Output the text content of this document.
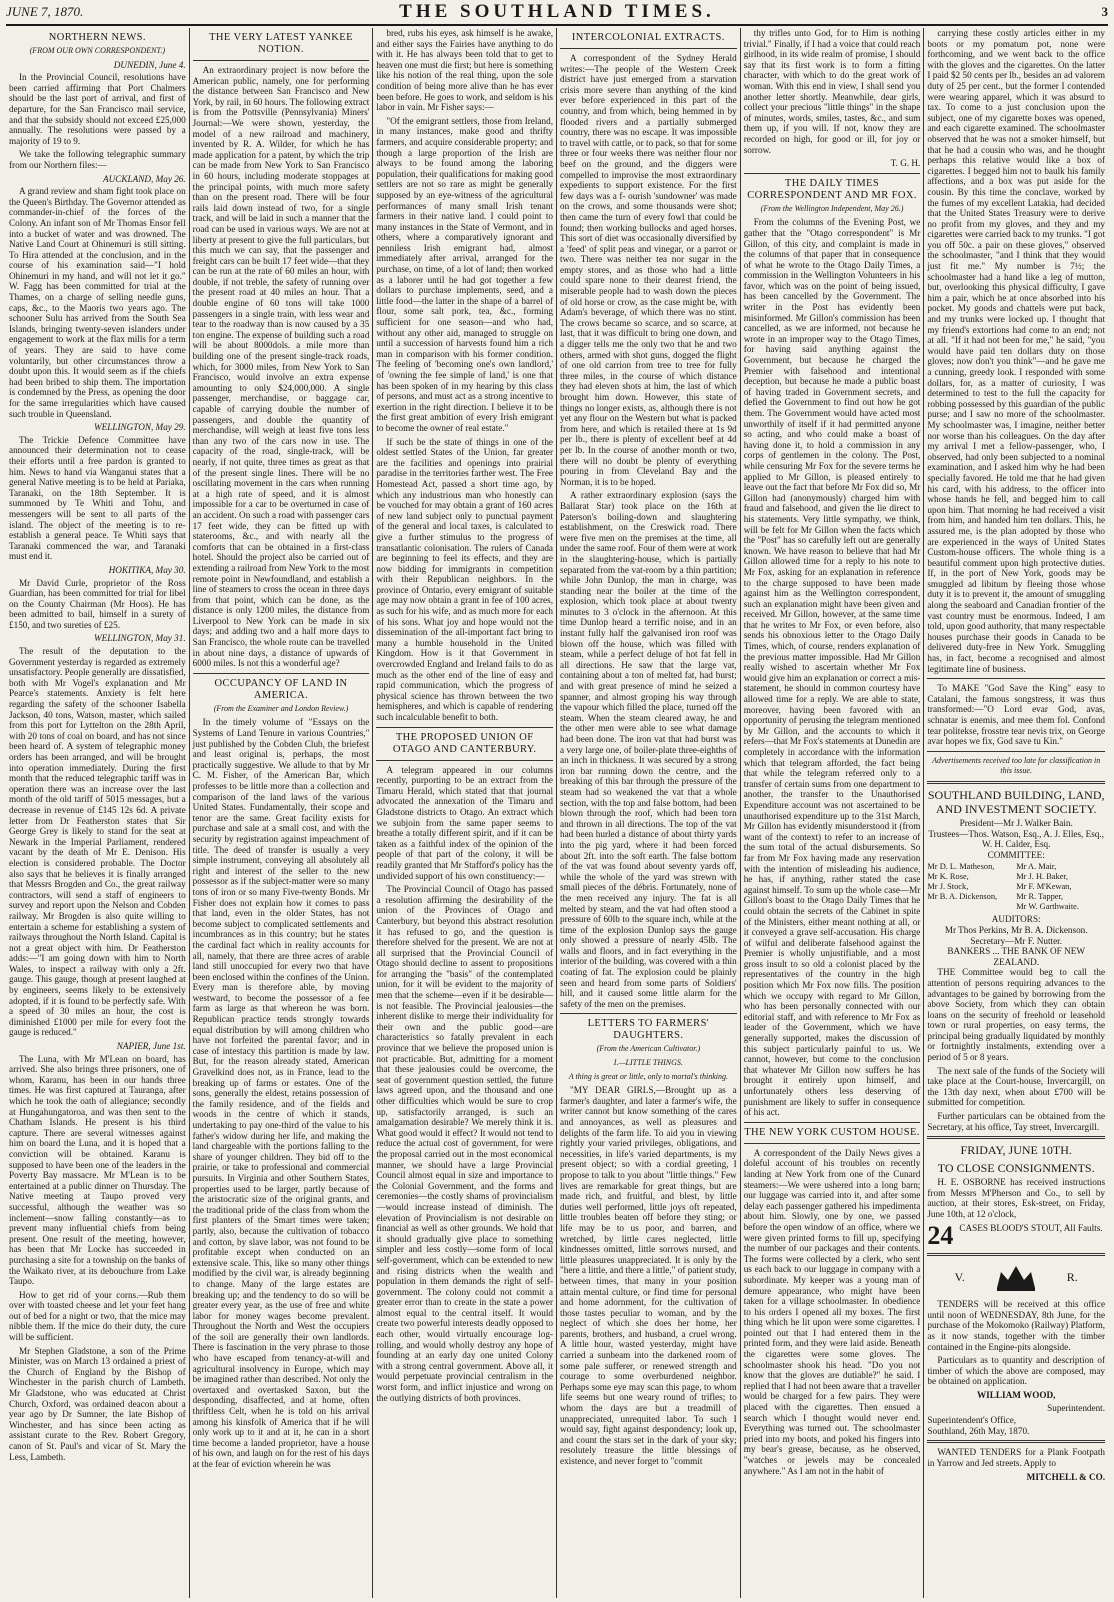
JUNE 7, 1870.	THE SOUTHLAND TIMES.	3
NORTHERN NEWS.
(FROM OUR OWN CORRESPONDENT.)
DUNEDIN, June 4.

In the Provincial Council, resolutions have been carried affirming that Port Chalmers should be the last port of arrival, and first of departure, for the San Francisco mail service, and that the subsidy should not exceed £25,000 annually. The resolutions were passed by a majority of 19 to 9.

We take the following telegraphic summary from our Northern files:—

AUCKLAND, May 26.

A grand review and sham fight took place on the Queen's Birthday. The Governor attended as commander-in-chief of the forces of the Colony. An infant son of Mr Thomas Ensor fell into a bucket of water and was drowned. The Native Land Court at Ohinemuri is still sitting. To Hira attended at the conclusion, and in the course of his examination said—"I hold Ohinemuri in my hand, and will not let it go." W. Fagg has been committed for trial at the Thames, on a charge of selling needle guns, caps, &c., to the Maoris two years ago. The schooner Sulu has arrived from the South Sea Islands, bringing twenty-seven islanders under engagement to work at the flax mills for a term of years. They are said to have come voluntarily, but other circumstances throw a doubt upon this. It would seem as if the chiefs had been bribed to ship them. The importation is condemned by the Press, as opening the door for the same irregularities which have caused such trouble in Queensland.

WELLINGTON, May 29.

The Trickie Defence Committee have announced their determination not to cease their efforts until a free pardon is granted to him. News to hand via Wanganui states that a general Native meeting is to be held at Pariaka, Taranaki, on the 18th September. It is summoned by Te Whiti and Tohu, and messengers will be sent to all parts of the island. The object of the meeting is to re-establish a general peace. Te Whiti says that Taranaki commenced the war, and Taranaki must end it.

HOKITIKA, May 30.

Mr David Curle, proprietor of the Ross Guardian, has been committed for trial for libel on the County Chairman (Mr Hoos). He has been admitted to bail, himself in a surety of £150, and two sureties of £25.

WELLINGTON, May 31.

The result of the deputation to the Government yesterday is regarded as extremely unsatisfactory. People generally are dissatisfied, both with Mr Vogel's explanation and Mr Pearce's statements. Anxiety is felt here regarding the safety of the schooner Isabella Jackson, 40 tons, Watson, master, which sailed from this port for Lyttelton on the 28th April, with 20 tons of coal on board, and has not since been heard of. A system of telegraphic money orders has been arranged, and will be brought into operation immediately. During the first month that the reduced telegraphic tariff was in operation there was an increase over the last month of the old tariff of 5015 messages, but a decrease in revenue of £145 12s 6d. A private letter from Dr Featherston states that Sir George Grey is likely to stand for the seat at Newark in the Imperial Parliament, rendered vacant by the death of Mr E. Denison. His election is considered probable. The Doctor also says that he believes it is finally arranged that Messrs Brogden and Co., the great railway contractors, will send a staff of engineers to survey and report upon the Nelson and Cobden railway. Mr Brogden is also quite willing to entertain a scheme for establishing a system of railways throughout the North Island. Capital is not a great object with him. Dr Featherston adds:—"I am going down with him to North Wales, to inspect a railway with only a 2ft. gauge. This gauge, though at present laughed at by engineers, seems likely to be extensively adopted, if it is found to be perfectly safe. With a speed of 30 miles an hour, the cost is diminished £1000 per mile for every foot the gauge is reduced."

NAPIER, June 1st.

The Luna, with Mr M'Lean on board, has arrived. She also brings three prisoners, one of whom, Karanu, has been in our hands three times. He was first captured at Tauranga, after which he took the oath of allegiance; secondly at Hungahungatoroa, and was then sent to the Chatham Islands. He present is his third capture. There are several witnesses against him on board the Luna, and it is hoped that a conviction will be obtained. Karanu is supposed to have been one of the leaders in the Poverty Bay massacre. Mr M'Lean is to be entertained at a public dinner on Thursday. The Native meeting at Taupo proved very successful, although the weather was so inclement—snow falling constantly—as to prevent many influential chiefs from being present. One result of the meeting, however, has been that Mr Locke has succeeded in purchasing a site for a township on the banks of the Waikato river, at its debouchure from Lake Taupo.

How to get rid of your corns.—Rub them over with toasted cheese and let your feet hang out of bed for a night or two, that the mice may nibble them. If the mice do their duty, the cure will be sufficient.

Mr Stephen Gladstone, a son of the Prime Minister, was on March 13 ordained a priest of the Church of England by the Bishop of Winchester in the parish church of Lambeth. Mr Gladstone, who was educated at Christ Church, Oxford, was ordained deacon about a year ago by Dr Sumner, the late Bishop of Winchester, and has since been acting as assistant curate to the Rev. Robert Gregory, canon of St. Paul's and vicar of St. Mary the Less, Lambeth.

THE VERY LATEST YANKEE NOTION.

An extraordinary project is now before the American public, namely, one for performing the distance between San Francisco and New York, by rail, in 60 hours. The following extract is from the Pottsville (Pennsylvania) Miners' Journal:—We were shown, yesterday, the model of a new railroad and machinery, invented by R. A. Wilder, for which he has made application for a patent, by which the trip can be made from New York to San Francisco in 60 hours, including moderate stoppages at the principal points, with much more safety than on the present road. There will be four rails laid down instead of two, for a single track, and will be laid in such a manner that the road can be used in various ways. We are not at liberty at present to give the full particulars, but this much we can say, that the passenger and freight cars can be built 17 feet wide—that they can be run at the rate of 60 miles an hour, with double, if not treble, the safety of running over the present road at 40 miles an hour. That a double engine of 60 tons will take 1000 passengers in a single train, with less wear and tear to the roadway than is now caused by a 35 ton engine. The expense of building such a road will be about 8000dols. a mile more than building one of the present single-track roads, which, for 3000 miles, from New York to San Francisco, would involve an extra expense amounting to only $24,000,000. A single passenger, merchandise, or baggage car, capable of carrying double the number of passengers, and double the quantity of merchandise, will weigh at least five tons less than any two of the cars now in use. The capacity of the road, single-track, will be nearly, if not quite, three times as great as that of the present single lines. There will be no oscillating movement in the cars when running at a high rate of speed, and it is almost impossible for a car to be overturned in case of an accident. On such a road with passenger cars 17 feet wide, they can be fitted up with staterooms, &c., and with nearly all the comforts that can be obtained in a first-class hotel. Should the project also be carried out of extending a railroad from New York to the most remote point in Newfoundland, and establish a line of steamers to cross the ocean in three days from that point, which can be done, as the distance is only 1200 miles, the distance from Liverpool to New York can be made in six days; and adding two and a half more days to San Francisco, the whole route can be travelled in about nine days, a distance of upwards of 6000 miles. Is not this a wonderful age?

OCCUPANCY OF LAND IN AMERICA.
(From the Examiner and London Review.)

In the timely volume of "Essays on the Systems of Land Tenure in various Countries," just published by the Cobden Club, the briefest and least original is, perhaps, the most practically suggestive. We allude to that by Mr C. M. Fisher, of the American Bar, which professes to be little more than a collection and comparison of the land laws of the various United States. Fundamentally, their scope and tenor are the same. Great facility exists for purchase and sale at a small cost, and with the security by registration against impeachment of title. The deed of transfer is usually a very simple instrument, conveying all absolutely all right and interest of the seller to the new possessor as if the subject-matter were so many tons of iron or so many Five-twenty Bonds. Mr Fisher does not explain how it comes to pass that land, even in the older States, has not become subject to complicated settlements and incumbrances as in this country; but he states the cardinal fact which in reality accounts for all, namely, that there are three acres of arable land still unoccupied for every two that have been enclosed within the confines of the Union. Every man is therefore able, by moving westward, to become the possessor of a fee farm as large as that whereon he was born. Republican practice tends strongly towards equal distribution by will among children who have not forfeited the parental favor; and in case of intestacy this partition is made by law. But, for the reason already stated, American Gravelkind does not, as in France, lead to the breaking up of farms or estates. One of the sons, generally the eldest, retains possession of the family residence, and of the fields and woods in the centre of which it stands, undertaking to pay one-third of the value to his father's widow during her life, and making the land chargeable with the portions falling to the share of younger children. They bid off to the prairie, or take to professional and commercial pursuits. In Virginia and other Southern States, properties used to be larger, partly because of the aristocratic size of the original grants, and the traditional pride of the class from whom the first planters of the Smart times were taken; partly, also, because the cultivation of tobacco and cotton, by slave labor, was not found to be profitable except when conducted on an extensive scale. This, like so many other things modified by the civil war, is already beginning to change. Many of the large estates are breaking up; and the tendency to do so will be greater every year, as the use of free and white labor for money wages become prevalent. Throughout the North and West the occupiers of the soil are generally their own landlords. There is fascination in the very phrase to those who have escaped from tenancy-at-will and agricultural insolvency in Europe, which may be imagined rather than described. Not only the overtaxed and overtasked Saxon, but the desponding, disaffected, and at home, often thriftless Celt, when he is told on his arrival among his kinsfolk of America that if he will only work up to it and at it, he can in a short time become a landed proprietor, have a house of his own, and laugh on for the rest of his days at the fear of eviction wherein he was

bred, rubs his eyes, ask himself is he awake, and either says the Fairies have anything to do with it. He has always been told that to get to heaven one must die first; but here is something like his notion of the real thing, upon the sole condition of being more alive than he has ever been before. He goes to work, and seldom is his labor in vain. Mr Fisher says:—

"Of the emigrant settlers, those from Ireland, in many instances, make good and thrifty farmers, and acquire considerable property; and though a large proportion of the Irish are always to be found among the laboring population, their qualifications for making good settlers are not so rare as might be generally supposed by an eye-witness of the agricultural performances of many small Irish tenant farmers in their native land. I could point to many instances in the State of Vermont, and in others, where a comparatively ignorant and penniless Irish emigrant had, almost immediately after arrival, arranged for the purchase, on time, of a lot of land; then worked as a laborer until he had got together a few dollars to purchase implements, seed, and a little food—the latter in the shape of a barrel of flour, some salt pork, tea, &c., forming sufficient for one season—and who had, without any other aid, managed to struggle on until a succession of harvests found him a rich man in comparison with his former condition. The feeling of 'becoming one's own landlord,' of 'owning the fee simple of land,' is one that has been spoken of in my hearing by this class of persons, and must act as a strong incentive to exertion in the right direction. I believe it to be the first great ambition of every Irish emigrant to become the owner of real estate."

If such be the state of things in one of the oldest settled States of the Union, far greater are the facilities and openings into prairial paradise in the territories farther west. The Free Homestead Act, passed a short time ago, by which any industrious man who honestly can be vouched for may obtain a grant of 160 acres of new land subject only to punctual payment of the general and local taxes, is calculated to give a further stimulus to the progress of transatlantic colonisation. The rulers of Canada are beginning to feel its effects, and they are now bidding for immigrants in competition with their Republican neighbors. In the province of Ontario, every emigrant of suitable age may now obtain a grant in fee of 100 acres, as such for his wife, and as much more for each of his sons. What joy and hope would not the dissemination of the all-important fact bring to many a humble household in the United Kingdom. How is it that Government in overcrowded England and Ireland fails to do as much as the other end of the line of easy and rapid communication, which the progress of physical science has thrown between the two hemispheres, and which is capable of rendering such incalculable benefit to both.

THE PROPOSED UNION OF OTAGO AND CANTERBURY.

A telegram appeared in our columns recently, purporting to be an extract from the Timaru Herald, which stated that that journal advocated the annexation of the Timaru and Gladstone districts to Otago. An extract which we subjoin from the same paper seems to breathe a totally different spirit, and if it can be taken as a faithful index of the opinion of the people of that part of the colony, it will be readily granted that Mr Stafford's policy has the undivided support of his own constituency:—

The Provincial Council of Otago has passed a resolution affirming the desirability of the union of the Provinces of Otago and Canterbury, but beyond this abstract resolution it has refused to go, and the question is therefore shelved for the present. We are not at all surprised that the Provincial Council of Otago should decline to assent to propositions for arranging the "basis" of the contemplated union, for it will be evident to the majority of men that the scheme—even if it be desirable—is not feasible. The Provincial jealousies—the inherent dislike to merge their individuality for their own and the public good—are characteristics so fatally prevalent in each province that we believe the proposed union is not practicable. But, admitting for a moment that these jealousies could be overcome, the seat of government question settled, the future laws agreed upon, and the thousand and one other difficulties which would be sure to crop up, satisfactorily arranged, is such an amalgamation desirable? We merely think it is. What good would it effect? It would not tend to reduce the actual cost of government, for were the proposal carried out in the most economical manner, we should have a large Provincial Council almost equal in size and importance to the Colonial Government, and the forms and ceremonies—the costly shams of provincialism—would increase instead of diminish. The elevation of Provincialism is not desirable on financial as well as other grounds. We hold that it should gradually give place to something simpler and less costly—some form of local self-government, which can be extended to new and rising districts when the wealth and population in them demands the right of self-government. The colony could not commit a greater error than to create in the state a power almost equal to the central itself. It would create two powerful interests deadly opposed to each other, would virtually encourage log-rolling, and would wholly destroy any hope of founding at an early day one united Colony with a strong central government. Above all, it would perpetuate provincial centralism in the worst form, and inflict injustice and wrong on the outlying districts of both provinces.

INTERCOLONIAL EXTRACTS.

A correspondent of the Sydney Herald writes:—The people of the Western Creek district have just emerged from a starvation crisis more severe than anything of the kind ever before experienced in this part of the country, and from which, being hemmed in by flooded rivers and a partially submerged country, there was no escape. It was impossible to travel with cattle, or to pack, so that for some three or four weeks there was neither flour nor beef on the ground, and the diggers were compelled to improvise the most extraordinary expedients to support existence. For the first few days was a f‐ ourish 'sundowner' was made on the crows, and some thousands were shot; then came the turn of every fowl that could be found; then working bullocks and aged horses. This sort of diet was occasionally diversified by a 'feed' of split peas and vinegar, or a parrot or two. There was neither tea nor sugar in the empty stores, and as those who had a little could spare none to their dearest friend, the miserable people had to wash down the pieces of old horse or crow, as the case might be, with Adam's beverage, of which there was no stint. The crows became so scarce, and so scarce, at last, that it was difficult to bring one down, and a digger tells me the only two that he and two others, armed with shot guns, dogged the flight of one old carrion from tree to tree for fully three miles, in the course of which distance they had eleven shots at him, the last of which brought him down. However, this state of things no longer exists, as, although there is not yet any flour on the Western but what is packed from here, and which is retailed there at 1s 9d per lb., there is plenty of excellent beef at 4d per lb. In the course of another month or two, there will no doubt be plenty of everything pouring in from Cleveland Bay and the Norman, it is to be hoped.

A rather extraordinary explosion (says the Ballarat Star) took place on the 16th at Paterson's boiling-down and slaughtering establishment, on the Creswick road. There were five men on the premises at the time, all under the same roof. Four of them were at work in the slaughtering-house, which is partially separated from the vat-room by a thin partition; while John Dunlop, the man in charge, was standing near the boiler at the time of the explosion, which took place at about twenty minutes to 3 o'clock in the afternoon. At this time Dunlop heard a terrific noise, and in an instant fully half the galvanised iron roof was blown off the house, which was filled with steam, while a perfect deluge of hot fat fell in all directions. He saw that the large vat, containing about a ton of melted fat, had burst; and with great presence of mind he seized a spanner, and almost groping his way through the vapour which filled the place, turned off the steam. When the steam cleared away, he and the other men were able to see what damage had been done. The iron vat that had burst was a very large one, of boiler-plate three-eighths of an inch in thickness. It was secured by a strong iron bar running down the centre, and the breaking of this bar through the pressure of the steam had so weakened the vat that a whole section, with the top and false bottom, had been blown through the roof, which had been torn and thrown in all directions. The top of the vat had been hurled a distance of about thirty yards into the pig yard, where it had been forced about 2ft. into the soft earth. The false bottom of the vat was found about seventy yards off, while the whole of the yard was strewn with small pieces of the débris. Fortunately, none of the men received any injury. The fat is all melted by steam, and the vat had often stood a pressure of 60lb to the square inch, while at the time of the explosion Dunlop says the gauge only showed a pressure of nearly 45lb. The walls and floors, and in fact everything in the interior of the building, was covered with a thin coating of fat. The explosion could be plainly seen and heard from some parts of Soldiers' hill, and it caused some little alarm for the safety of the men on the premises.

LETTERS TO FARMERS' DAUGHTERS.
(From the American Cultivator.)
I.—LITTLE THINGS.
A thing is great or little, only to mortal's thinking.

"MY DEAR GIRLS,—Brought up as a farmer's daughter, and later a farmer's wife, the writer cannot but know something of the cares and annoyances, as well as pleasures and delights of the farm life. To aid you in viewing rightly your varied privileges, obligations, and necessities, in life's varied departments, is my present object; so with a cordial greeting, I propose to talk to you about "little things." Few lives are remarkable for great things, but are made rich, and fruitful, and blest, by little duties well performed, little joys oft repeated, little troubles beaten off before they sting; or life may be to us poor, and barren, and wretched, by little cares neglected, little kindnesses omitted, little sorrows nursed, and little pleasures unappreciated. It is only by the "here a little, and there a little," of patient study, between times, that many in your position attain mental culture, or find time for personal and home adornment, for the cultivation of those tastes peculiar to woman, and by the neglect of which she does her home, her parents, brothers, and husband, a cruel wrong. A little hour, wasted yesterday, might have carried a sunbeam into the darkened room of some pale sufferer, or renewed strength and courage to some overburdened neighbor. Perhaps some eye may scan this page, to whom life seems but one weary round of trifles; to whom the days are but a treadmill of unappreciated, unrequited labor. To such I would say, fight against despondency; look up, and count the stars set in the dark of your sky; resolutely treasure the little blessings of existence, and never forget to "commit

thy trifles unto God, for to Him is nothing trivial." Finally, if I had a voice that could reach girlhood, in its wide realm of promise, I should say that its first work is to form a fitting character, with which to do the great work of woman. With this end in view, I shall send you another letter shortly. Meanwhile, dear girls, collect your precious "little things" in the shape of minutes, words, smiles, tastes, &c., and sum them up, if you will. If not, know they are recorded on high, for good or ill, for joy or sorrow.

T. G. H.
THE DAILY TIMES CORRESPONDENT AND MR FOX.
(From the Wellington Independent, May 26.)

From the columns of the Evening Post, we gather that the "Otago correspondent" is Mr Gillon, of this city, and complaint is made in the columns of that paper that in consequence of what he wrote to the Otago Daily Times, a commission in the Wellington Volunteers in his favor, which was on the point of being issued, has been cancelled by the Government. The writer in the Post has evidently been misinformed. Mr Gillon's commission has been cancelled, as we are informed, not because he wrote in an improper way to the Otago Times, for having said anything against the Government, but because he charged the Premier with falsehood and intentional deception, but because he made a public boast of having traded in Government secrets, and defied the Government to find out how he got them. The Government would have acted most unworthily of itself if it had permitted anyone so acting, and who could make a boast of having done it, to hold a commission in any corps of gentlemen in the colony. The Post, while censuring Mr Fox for the severe terms he applied to Mr Gillon, is pleased entirely to leave out the fact that before Mr Fox did so, Mr Gillon had (anonymously) charged him with fraud and falsehood, and given the lie direct to his statements. Very little sympathy, we think, will be felt for Mr Gillon when the facts which the "Post" has so carefully left out are generally known. We have reason to believe that had Mr Gillon allowed time for a reply to his note to Mr Fox, asking for an explanation in reference to the charge supposed to have been made against him as the Wellington correspondent, such an explanation might have been given and received. Mr Gillon, however, at the same time that he writes to Mr Fox, or even before, also sends his obnoxious letter to the Otago Daily Times, which, of course, renders explanation of the previous matter impossible. Had Mr Gillon really wished to ascertain whether Mr Fox would give him an explanation or correct a mis-statement, he should in common courtesy have allowed time for a reply. We are able to state, moreover, having been favored with an opportunity of perusing the telegram mentioned by Mr Gillon, and the accounts to which it refers—that Mr Fox's statements at Dunedin are completely in accordance with the information which that telegram afforded, the fact being that while the telegram referred only to a transfer of certain sums from one department to another, the transfer to the Unauthorised Expenditure account was not ascertained to be unauthorised expenditure up to the 31st March, Mr Gillon has evidently misunderstood it (from want of the context) to refer to an increase of the sum total of the actual disbursements. So far from Mr Fox having made any reservation with the intention of misleading his audience, he has, if anything, rather stated the case against himself. To sum up the whole case—Mr Gillon's boast to the Otago Daily Times that he could obtain the secrets of the Cabinet in spite of the Ministers, either meant nothing at all, or it conveyed a grave self-accusation. His charge of wilful and deliberate falsehood against the Premier is wholly unjustifiable, and a most gross insult to so old a colonist placed by the representatives of the country in the high position which Mr Fox now fills. The position which we occupy with regard to Mr Gillon, who has been personally connected with our editorial staff, and with reference to Mr Fox as leader of the Government, which we have generally supported, makes the discussion of this subject particularly painful to us. We cannot, however, but come to the conclusion that whatever Mr Gillon now suffers he has brought it entirely upon himself, and unfortunately others less deserving of punishment are likely to suffer in consequence of his act.

THE NEW YORK CUSTOM HOUSE.

A correspondent of the Daily News gives a doleful account of his troubles on recently landing at New York from one of the Cunard steamers:—We were ushered into a long barn; our luggage was carried into it, and after some delay each passenger gathered his impedimenta about him. Slowly, one by one, we passed before the open window of an office, where we were given printed forms to fill up, specifying the number of our packages and their contents. The forms were collected by a clerk, who sent us each back to our luggage in company with a subordinate. My keeper was a young man of demure appearance, who might have been taken for a village schoolmaster. In obedience to his orders I opened all my boxes. The first thing which he lit upon were some cigarettes. I pointed out that I had entered them in the printed form, and they were laid aside. Beneath the cigarettes were some gloves. The schoolmaster shook his head. "Do you not know that the gloves are dutiable?" he said. I replied that I had not been aware that a traveller would be charged for a few pairs. They were placed with the cigarettes. Then ensued a search which I thought would never end. Everything was turned out. The schoolmaster pried into my boots, and poked his fingers into my bear's grease, because, as he observed, "watches or jewels may be concealed anywhere." As I am not in the habit of

carrying these costly articles either in my boots or my pomatum pot, none were forthcoming, and we went back to the office with the gloves and the cigarettes. On the latter I paid $2 50 cents per lb., besides an ad valorem duty of 25 per cent., but the former I contended were wearing apparel, which it was absurd to tax. To come to a just conclusion upon the subject, one of my cigarette boxes was opened, and each cigarette examined. The schoolmaster observed that he was not a smoker himself, but that he had a cousin who was, and he thought perhaps this relative would like a box of cigarettes. I begged him not to baulk his family affections, and a box was put aside for the cousin. By this time the conclave, worked by the fumes of my excellent Latakia, had decided that the United States Treasury were to derive no profit from my gloves, and they and my cigarettes were carried back to my trunks. "I got you off 50c. a pair on these gloves," observed the schoolmaster, "and I think that they would just fit me." My number is 7½; the schoolmaster had a hand like a leg of mutton, but, overlooking this physical difficulty, I gave him a pair, which he at once absorbed into his pocket. My goods and chattels were put back, and my trunks were locked up. I thought that my friend's extortions had come to an end; not at all. "If it had not been for me," he said, "you would have paid ten dollars duty on those gloves; now don't you think"—and he gave me a cunning, greedy look. I responded with some dollars, for, as a matter of curiosity, I was determined to test to the full the capacity for robbing possessed by this guardian of the public purse; and I saw no more of the schoolmaster. My schoolmaster was, I imagine, neither better nor worse than his colleagues. On the day after my arrival I met a fellow-passenger, who, I observed, had only been subjected to a nominal examination, and I asked him why he had been specially favored. He told me that he had given his card, with his address, to the officer into whose hands he fell, and begged him to call upon him. That morning he had received a visit from him, and handed him ten dollars. This, he assured me, is the plan adopted by those who are experienced in the ways of United States Custom-house officers. The whole thing is a beautiful comment upon high protective duties. If, in the port of New York, goods may be smuggled ad libitum by fleeing those whose duty it is to prevent it, the amount of smuggling along the seaboard and Canadian frontier of the vast country must be enormous. Indeed, I am told, upon good authority, that many respectable houses purchase their goods in Canada to be delivered duty-free in New York. Smuggling has, in fact, become a recognised and almost legitimate line of business.

To MAKE "God Save the King" easy to Catalani, the famous songstress, it was thus transformed:—"O Lord evar God, avas, schnatar is enemis, and mee them fol. Confond tear politekse, frosstre tear nevis trix, on George avar hopes we fix, God save tu Kin."

Advertisements received too late for classification in this issue.
SOUTHLAND BUILDING, LAND, AND INVESTMENT SOCIETY.
President—Mr J. Walker Bain.
Trustees—Thos. Watson, Esq., A. J. Elles, Esq., W. H. Calder, Esq.
COMMITTEE:
Mr D. L. Matheson,	Mr A. Mair,
Mr K. Rose,	Mr J. H. Baker,
Mr J. Stock,	Mr F. M'Kewan,
Mr B. A. Dickenson,	Mr R. Tapper,
Mr W. Garthwaite.
AUDITORS:
Mr Thos Perkins, Mr B. A. Dickenson.
Secretary—Mr F. Nutter.
BANKERS ... THE BANK OF NEW ZEALAND.

THE Committee would beg to call the attention of persons requiring advances to the advantages to be gained by borrowing from the above Society, from which they can obtain loans on the security of freehold or leasehold town or rural properties, on easy terms, the principal being gradually liquidated by monthly or fortnightly instalments, extending over a period of 5 or 8 years.

The next sale of the funds of the Society will take place at the Court-house, Invercargill, on the 13th day next, when about £700 will be submitted for competition.

Further particulars can be obtained from the Secretary, at his office, Tay street, Invercargill.

FRIDAY, JUNE 10TH.
TO CLOSE CONSIGNMENTS.

H. E. OSBORNE has received instructions from Messrs M'Pherson and Co., to sell by auction, at their stores, Esk-street, on Friday, June 10th, at 12 o'clock,

24 CASES BLOOD'S STOUT, All Faults.
V.	R.

TENDERS will be received at this office until noon of WEDNESDAY, 8th June, for the purchase of the Mokomoko (Railway) Platform, as it now stands, together with the timber contained in the Engine-pits alongside.

Particulars as to quantity and description of timber of which the above are composed, may be obtained on application.

WILLIAM WOOD,
Superintendent.
Superintendent's Office,
Southland, 26th May, 1870.

WANTED TENDERS for a Plank Footpath in Yarrow and Jed streets. Apply to

MITCHELL & CO.
